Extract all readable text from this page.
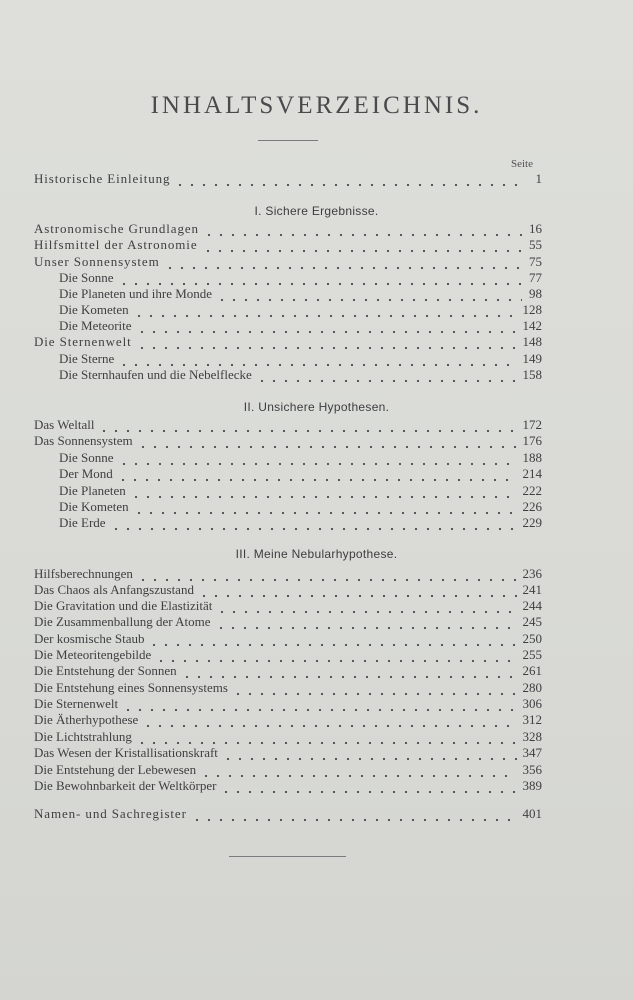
INHALTSVERZEICHNIS.
Seite
Historische Einleitung	1
I. Sichere Ergebnisse.
Astronomische Grundlagen	16
Hilfsmittel der Astronomie	55
Unser Sonnensystem	75
Die Sonne	77
Die Planeten und ihre Monde	98
Die Kometen	128
Die Meteorite	142
Die Sternenwelt	148
Die Sterne	149
Die Sternhaufen und die Nebelflecke	158
II. Unsichere Hypothesen.
Das Weltall	172
Das Sonnensystem	176
Die Sonne	188
Der Mond	214
Die Planeten	222
Die Kometen	226
Die Erde	229
III. Meine Nebularhypothese.
Hilfsberechnungen	236
Das Chaos als Anfangszustand	241
Die Gravitation und die Elastizität	244
Die Zusammenballung der Atome	245
Der kosmische Staub	250
Die Meteoritengebilde	255
Die Entstehung der Sonnen	261
Die Entstehung eines Sonnensystems	280
Die Sternenwelt	306
Die Ätherhypothese	312
Die Lichtstrahlung	328
Das Wesen der Kristallisationskraft	347
Die Entstehung der Lebewesen	356
Die Bewohnbarkeit der Weltkörper	389
Namen- und Sachregister	401
